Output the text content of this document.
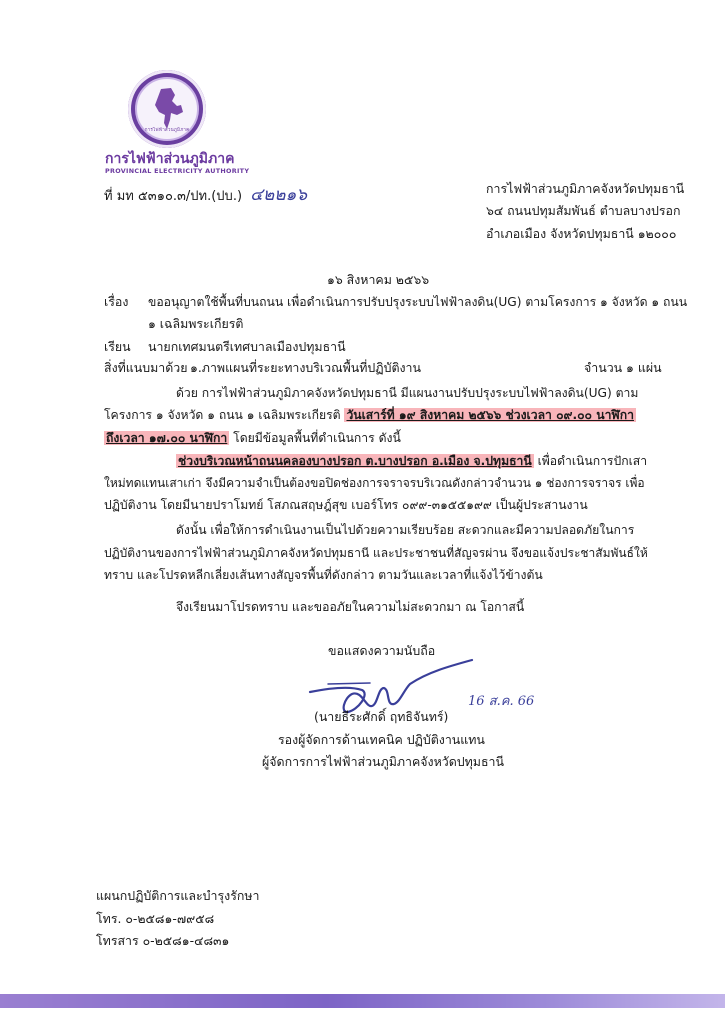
การไฟฟ้าส่วนภูมิภาค
การไฟฟ้าส่วนภูมิภาค
PROVINCIAL ELECTRICITY AUTHORITY
ที่ มท ๕๓๑๐.๓/ปท.(ปบ.) ๔๒๒๑๖	การไฟฟ้าส่วนภูมิภาคจังหวัดปทุมธานี
๖๔ ถนนปทุมสัมพันธ์ ตำบลบางปรอก
อำเภอเมือง จังหวัดปทุมธานี ๑๒๐๐๐
๑๖ สิงหาคม ๒๕๖๖
เรื่อง ขออนุญาตใช้พื้นที่บนถนน เพื่อดำเนินการปรับปรุงระบบไฟฟ้าลงดิน(UG) ตามโครงการ ๑ จังหวัด ๑ ถนน
๑ เฉลิมพระเกียรติ
เรียน นายกเทศมนตรีเทศบาลเมืองปทุมธานี
สิ่งที่แนบมาด้วย ๑.ภาพแผนที่ระยะทางบริเวณพื้นที่ปฏิบัติงาน	จำนวน ๑ แผ่น
ด้วย การไฟฟ้าส่วนภูมิภาคจังหวัดปทุมธานี มีแผนงานปรับปรุงระบบไฟฟ้าลงดิน(UG) ตาม
โครงการ ๑ จังหวัด ๑ ถนน ๑ เฉลิมพระเกียรติ วันเสาร์ที่ ๑๙ สิงหาคม ๒๕๖๖ ช่วงเวลา ๐๙.๐๐ นาฬิกา
ถึงเวลา ๑๗.๐๐ นาฬิกา โดยมีข้อมูลพื้นที่ดำเนินการ ดังนี้
ช่วงบริเวณหน้าถนนคลองบางปรอก ต.บางปรอก อ.เมือง จ.ปทุมธานี เพื่อดำเนินการปักเสา
ใหม่ทดแทนเสาเก่า จึงมีความจำเป็นต้องขอปิดช่องการจราจรบริเวณดังกล่าวจำนวน ๑ ช่องการจราจร เพื่อ
ปฏิบัติงาน โดยมีนายปราโมทย์ โสภณสฤษฎ์สุข เบอร์โทร ๐๙๙-๓๑๕๕๑๙๙ เป็นผู้ประสานงาน
ดังนั้น เพื่อให้การดำเนินงานเป็นไปด้วยความเรียบร้อย สะดวกและมีความปลอดภัยในการ
ปฏิบัติงานของการไฟฟ้าส่วนภูมิภาคจังหวัดปทุมธานี และประชาชนที่สัญจรผ่าน จึงขอแจ้งประชาสัมพันธ์ให้
ทราบ และโปรดหลีกเลี่ยงเส้นทางสัญจรพื้นที่ดังกล่าว ตามวันและเวลาที่แจ้งไว้ข้างต้น
จึงเรียนมาโปรดทราบ และขออภัยในความไม่สะดวกมา ณ โอกาสนี้
ขอแสดงความนับถือ
16 ส.ค. 66
(นายธีระศักดิ์ ฤทธิจันทร์)
รองผู้จัดการด้านเทคนิค ปฏิบัติงานแทน
ผู้จัดการการไฟฟ้าส่วนภูมิภาคจังหวัดปทุมธานี
แผนกปฏิบัติการและบำรุงรักษา
โทร. ๐-๒๕๘๑-๗๙๕๘
โทรสาร ๐-๒๕๘๑-๔๘๓๑
